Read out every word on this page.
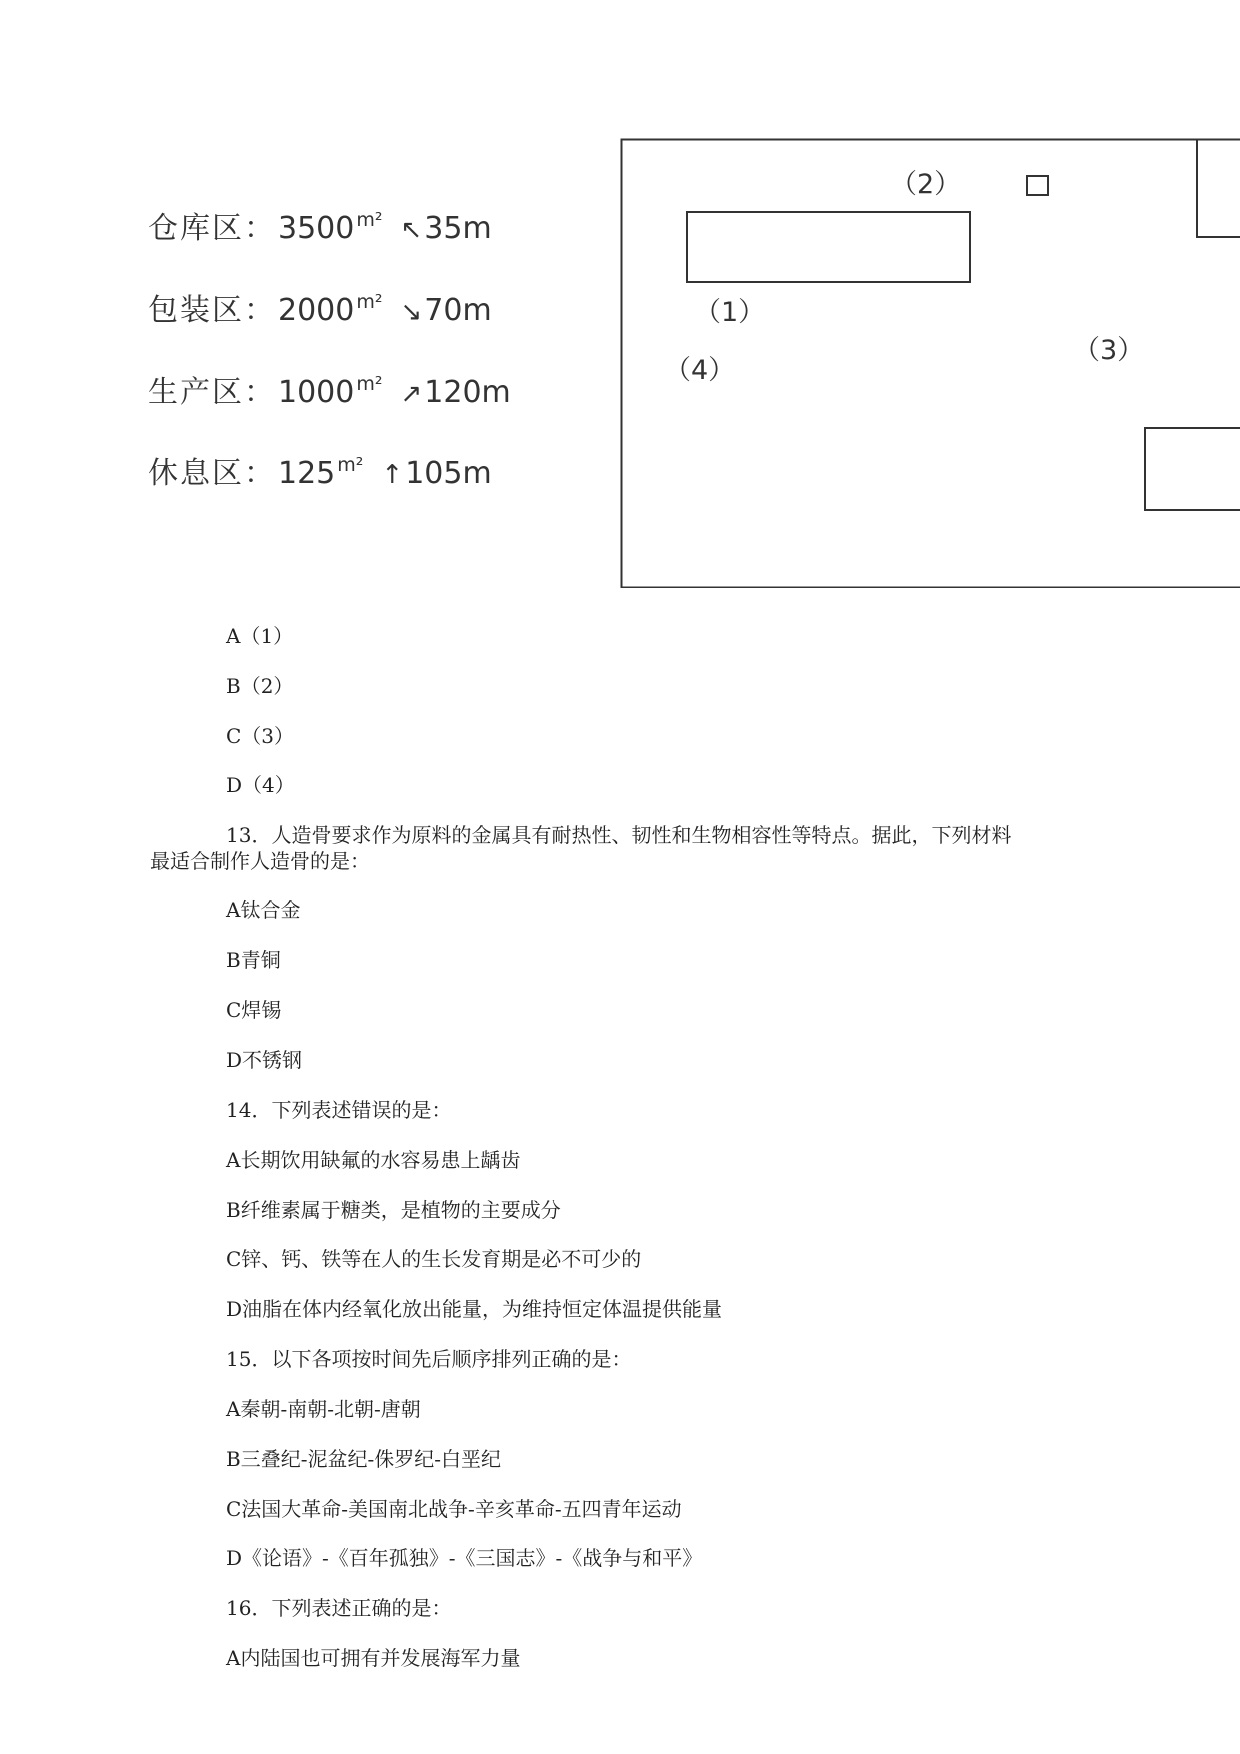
仓库区： 3500 m² ↖ 35m
包装区： 2000 m² ↘ 70m
生产区： 1000 m² ↗ 120m
休息区： 125 m² ↑ 105m
（1）
（2）
（3）
（4）
A（1）
B（2）
C（3）
D（4）
13．人造骨要求作为原料的金属具有耐热性、韧性和生物相容性等特点。据此，下列材料
最适合制作人造骨的是：
A钛合金
B青铜
C焊锡
D不锈钢
14．下列表述错误的是：
A长期饮用缺氟的水容易患上龋齿
B纤维素属于糖类，是植物的主要成分
C锌、钙、铁等在人的生长发育期是必不可少的
D油脂在体内经氧化放出能量，为维持恒定体温提供能量
15．以下各项按时间先后顺序排列正确的是：
A秦朝-南朝-北朝-唐朝
B三叠纪-泥盆纪-侏罗纪-白垩纪
C法国大革命-美国南北战争-辛亥革命-五四青年运动
D《论语》-《百年孤独》-《三国志》-《战争与和平》
16．下列表述正确的是：
A内陆国也可拥有并发展海军力量
